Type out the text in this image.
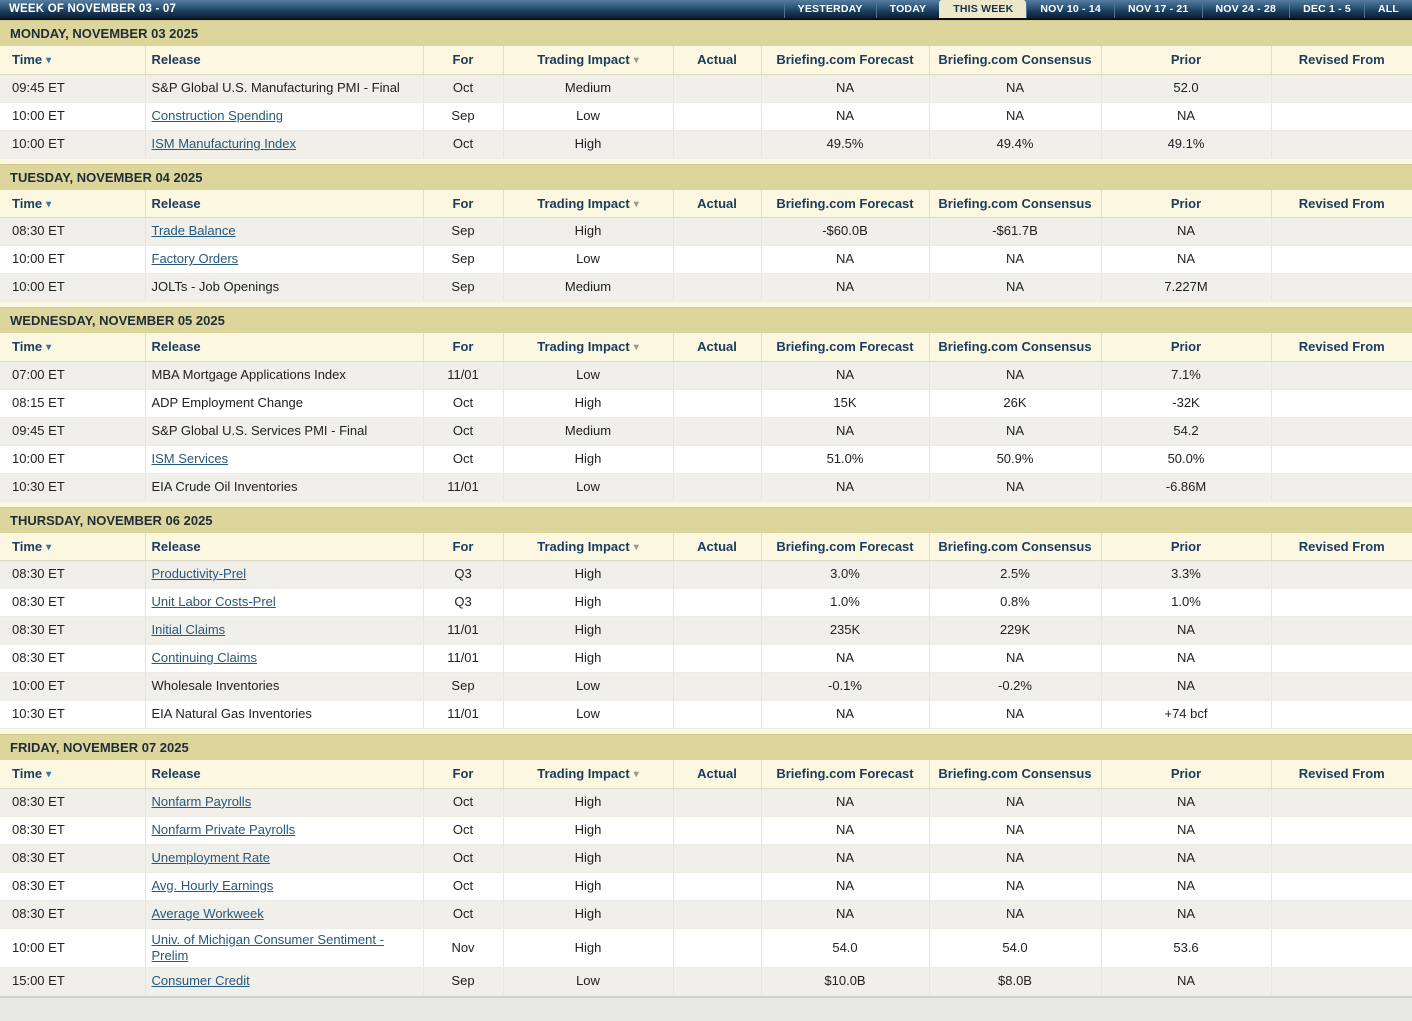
WEEK OF NOVEMBER 03 - 07	YESTERDAY	TODAY	THIS WEEK	NOV 10 - 14	NOV 17 - 21	NOV 24 - 28	DEC 1 - 5	ALL
MONDAY, NOVEMBER 03 2025
Time ▾	Release	For	Trading Impact ▾	Actual	Briefing.com Forecast	Briefing.com Consensus	Prior	Revised From
09:45 ET	S&P Global U.S. Manufacturing PMI - Final	Oct	Medium		NA	NA	52.0	
10:00 ET	Construction Spending	Sep	Low		NA	NA	NA	
10:00 ET	ISM Manufacturing Index	Oct	High		49.5%	49.4%	49.1%	
TUESDAY, NOVEMBER 04 2025
Time ▾	Release	For	Trading Impact ▾	Actual	Briefing.com Forecast	Briefing.com Consensus	Prior	Revised From
08:30 ET	Trade Balance	Sep	High		-$60.0B	-$61.7B	NA	
10:00 ET	Factory Orders	Sep	Low		NA	NA	NA	
10:00 ET	JOLTs - Job Openings	Sep	Medium		NA	NA	7.227M	
WEDNESDAY, NOVEMBER 05 2025
Time ▾	Release	For	Trading Impact ▾	Actual	Briefing.com Forecast	Briefing.com Consensus	Prior	Revised From
07:00 ET	MBA Mortgage Applications Index	11/01	Low		NA	NA	7.1%	
08:15 ET	ADP Employment Change	Oct	High		15K	26K	-32K	
09:45 ET	S&P Global U.S. Services PMI - Final	Oct	Medium		NA	NA	54.2	
10:00 ET	ISM Services	Oct	High		51.0%	50.9%	50.0%	
10:30 ET	EIA Crude Oil Inventories	11/01	Low		NA	NA	-6.86M	
THURSDAY, NOVEMBER 06 2025
Time ▾	Release	For	Trading Impact ▾	Actual	Briefing.com Forecast	Briefing.com Consensus	Prior	Revised From
08:30 ET	Productivity-Prel	Q3	High		3.0%	2.5%	3.3%	
08:30 ET	Unit Labor Costs-Prel	Q3	High		1.0%	0.8%	1.0%	
08:30 ET	Initial Claims	11/01	High		235K	229K	NA	
08:30 ET	Continuing Claims	11/01	High		NA	NA	NA	
10:00 ET	Wholesale Inventories	Sep	Low		-0.1%	-0.2%	NA	
10:30 ET	EIA Natural Gas Inventories	11/01	Low		NA	NA	+74 bcf	
FRIDAY, NOVEMBER 07 2025
Time ▾	Release	For	Trading Impact ▾	Actual	Briefing.com Forecast	Briefing.com Consensus	Prior	Revised From
08:30 ET	Nonfarm Payrolls	Oct	High		NA	NA	NA	
08:30 ET	Nonfarm Private Payrolls	Oct	High		NA	NA	NA	
08:30 ET	Unemployment Rate	Oct	High		NA	NA	NA	
08:30 ET	Avg. Hourly Earnings	Oct	High		NA	NA	NA	
08:30 ET	Average Workweek	Oct	High		NA	NA	NA	
10:00 ET	Univ. of Michigan Consumer Sentiment - Prelim	Nov	High		54.0	54.0	53.6	
15:00 ET	Consumer Credit	Sep	Low		$10.0B	$8.0B	NA	
